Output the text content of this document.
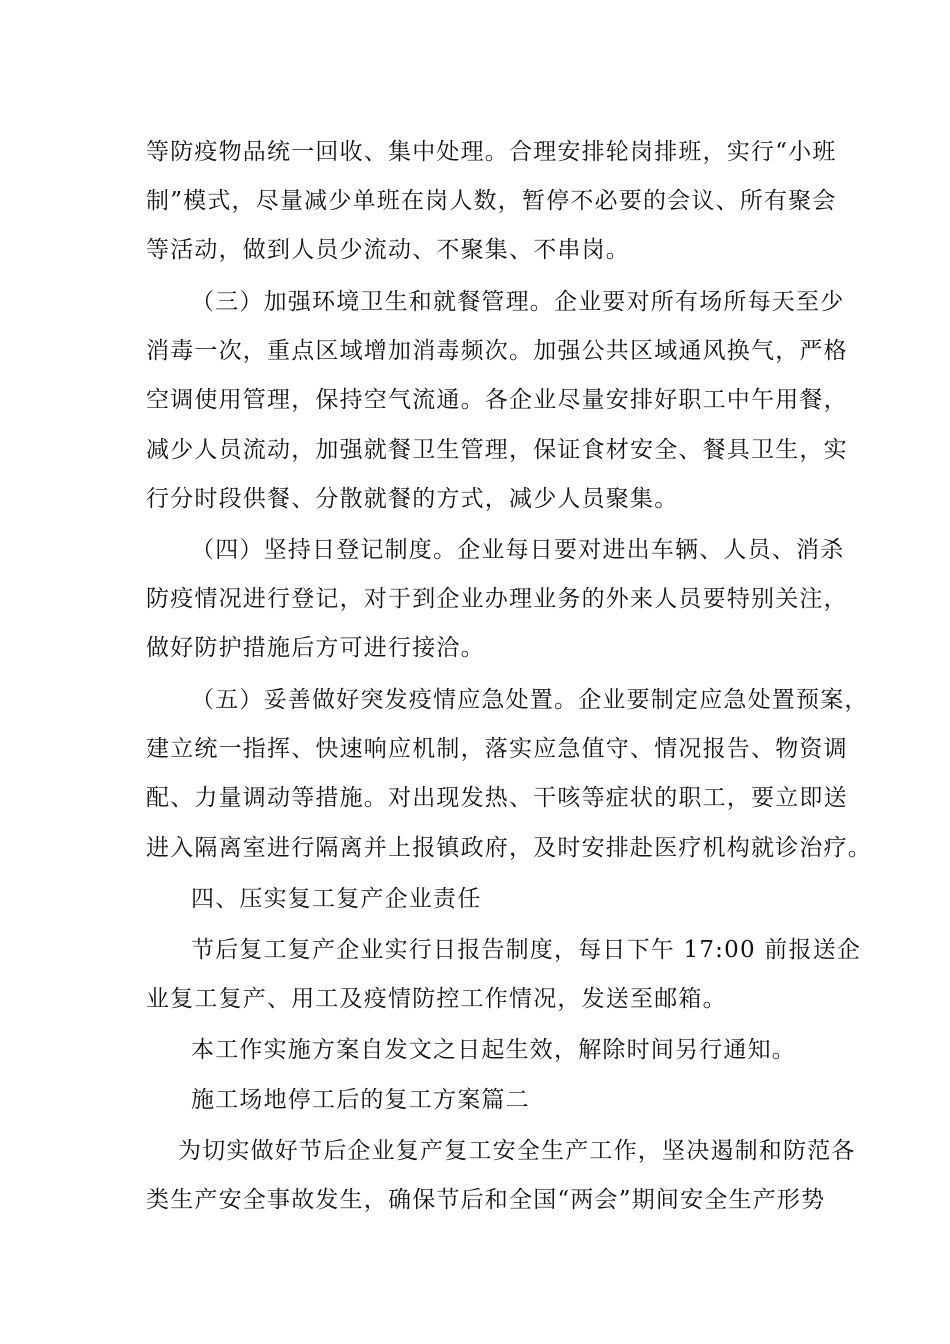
等防疫物品统一回收、集中处理。合理安排轮岗排班，实行“小班
制”模式，尽量减少单班在岗人数，暂停不必要的会议、所有聚会
等活动，做到人员少流动、不聚集、不串岗。
（三）加强环境卫生和就餐管理。企业要对所有场所每天至少
消毒一次，重点区域增加消毒频次。加强公共区域通风换气，严格
空调使用管理，保持空气流通。各企业尽量安排好职工中午用餐，
减少人员流动，加强就餐卫生管理，保证食材安全、餐具卫生，实
行分时段供餐、分散就餐的方式，减少人员聚集。
（四）坚持日登记制度。企业每日要对进出车辆、人员、消杀
防疫情况进行登记，对于到企业办理业务的外来人员要特别关注，
做好防护措施后方可进行接洽。
（五）妥善做好突发疫情应急处置。企业要制定应急处置预案，
建立统一指挥、快速响应机制，落实应急值守、情况报告、物资调
配、力量调动等措施。对出现发热、干咳等症状的职工，要立即送
进入隔离室进行隔离并上报镇政府，及时安排赴医疗机构就诊治疗。
四、压实复工复产企业责任
节后复工复产企业实行日报告制度，每日下午 17:00 前报送企
业复工复产、用工及疫情防控工作情况，发送至邮箱。
本工作实施方案自发文之日起生效，解除时间另行通知。
施工场地停工后的复工方案篇二
为切实做好节后企业复产复工安全生产工作，坚决遏制和防范各
类生产安全事故发生，确保节后和全国“两会”期间安全生产形势
